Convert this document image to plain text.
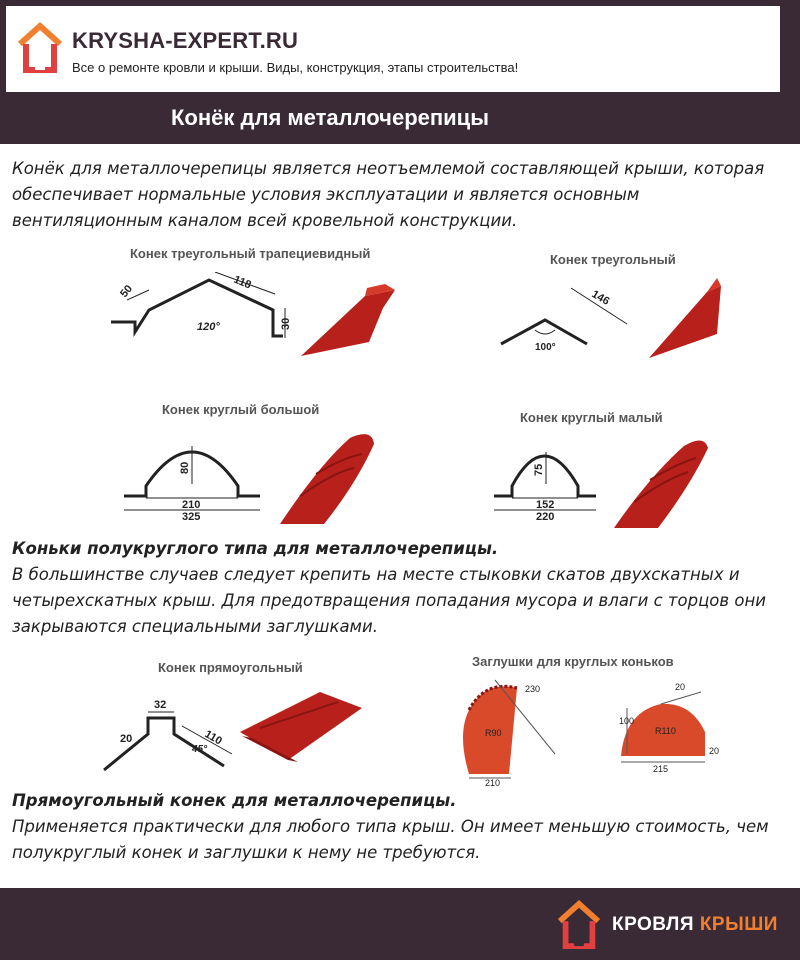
KRYSHA-EXPERT.RU
Все о ремонте кровли и крыши. Виды, конструкция, этапы строительства!
Конёк для металлочерепицы

Конёк для металлочерепицы является неотъемлемой составляющей крыши, которая обеспечивает нормальные условия эксплуатации и является основным вентиляционным каналом всей кровельной конструкции.

Конек треугольный трапециевидный
50	118
120°	30
Конек треугольный
146
100°
Конек круглый большой
80
210
325
Конек круглый малый
75
152
220

Коньки полукруглого типа для металлочерепицы.
В большинстве случаев следует крепить на месте стыковки скатов двухскатных и четырехскатных крыш. Для предотвращения попадания мусора и влаги с торцов они закрываются специальными заглушками.

Конек прямоугольный
32
20	110
45°
Заглушки для круглых коньков
230
R90
210
20
100
R110
20
215

Прямоугольный конек для металлочерепицы.
Применяется практически для любого типа крыш. Он имеет меньшую стоимость, чем полукруглый конек и заглушки к нему не требуются.

КРОВЛЯ КРЫШИ
